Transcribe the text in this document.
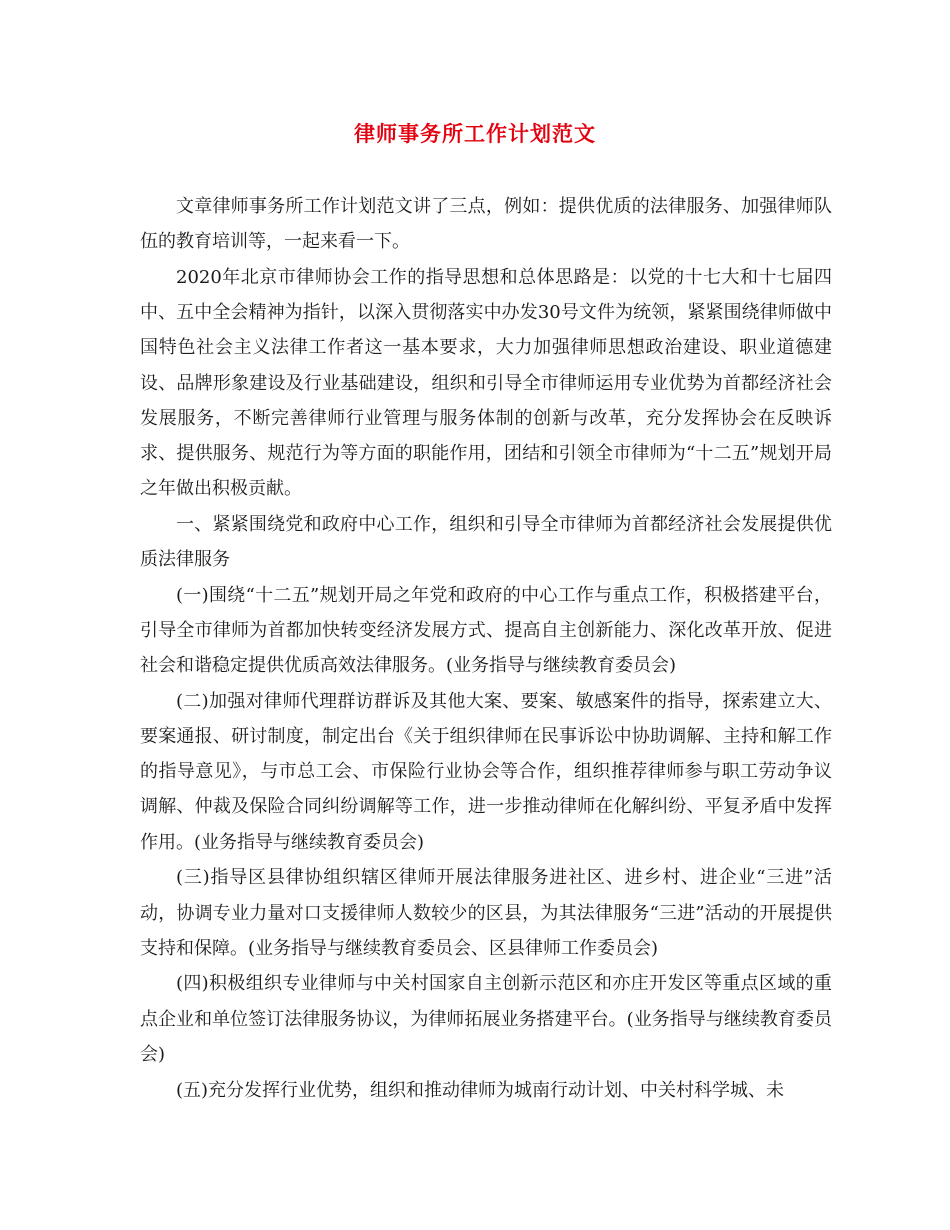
律师事务所工作计划范文

文章律师事务所工作计划范文讲了三点，例如：提供优质的法律服务、加强律师队伍的教育培训等，一起来看一下。

2020年北京市律师协会工作的指导思想和总体思路是：以党的十七大和十七届四中、五中全会精神为指针，以深入贯彻落实中办发30号文件为统领，紧紧围绕律师做中国特色社会主义法律工作者这一基本要求，大力加强律师思想政治建设、职业道德建设、品牌形象建设及行业基础建设，组织和引导全市律师运用专业优势为首都经济社会发展服务，不断完善律师行业管理与服务体制的创新与改革，充分发挥协会在反映诉求、提供服务、规范行为等方面的职能作用，团结和引领全市律师为“十二五”规划开局之年做出积极贡献。

一、紧紧围绕党和政府中心工作，组织和引导全市律师为首都经济社会发展提供优质法律服务

(一)围绕“十二五”规划开局之年党和政府的中心工作与重点工作，积极搭建平台，引导全市律师为首都加快转变经济发展方式、提高自主创新能力、深化改革开放、促进社会和谐稳定提供优质高效法律服务。(业务指导与继续教育委员会)

(二)加强对律师代理群访群诉及其他大案、要案、敏感案件的指导，探索建立大、要案通报、研讨制度，制定出台《关于组织律师在民事诉讼中协助调解、主持和解工作的指导意见》，与市总工会、市保险行业协会等合作，组织推荐律师参与职工劳动争议调解、仲裁及保险合同纠纷调解等工作，进一步推动律师在化解纠纷、平复矛盾中发挥作用。(业务指导与继续教育委员会)

(三)指导区县律协组织辖区律师开展法律服务进社区、进乡村、进企业“三进”活动，协调专业力量对口支援律师人数较少的区县，为其法律服务“三进”活动的开展提供支持和保障。(业务指导与继续教育委员会、区县律师工作委员会)

(四)积极组织专业律师与中关村国家自主创新示范区和亦庄开发区等重点区域的重点企业和单位签订法律服务协议，为律师拓展业务搭建平台。(业务指导与继续教育委员会)

(五)充分发挥行业优势，组织和推动律师为城南行动计划、中关村科学城、未
